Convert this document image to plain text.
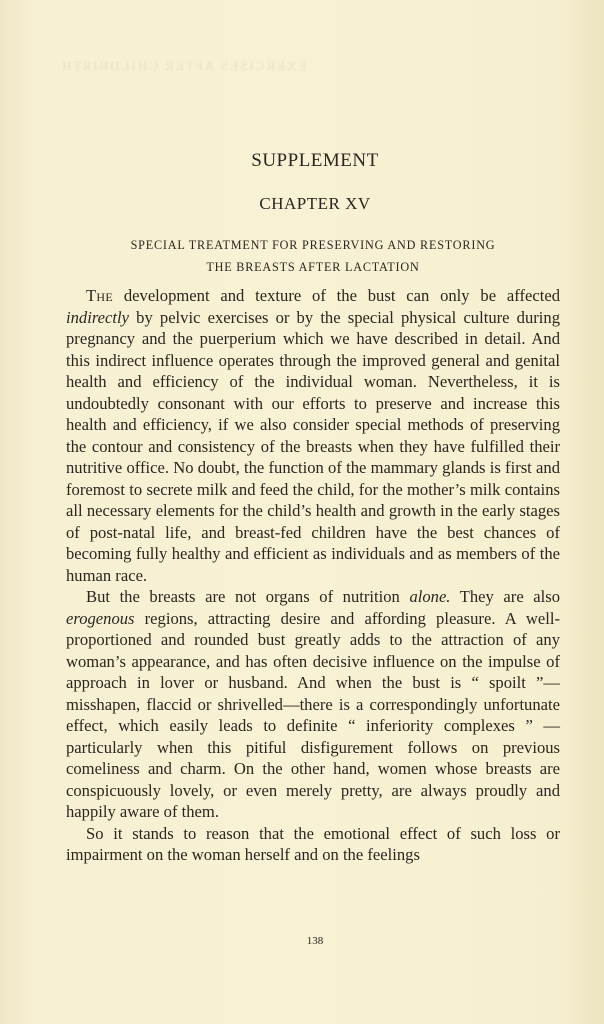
EXERCISES AFTER CHILDBIRTH
SUPPLEMENT
CHAPTER XV
SPECIAL TREATMENT FOR PRESERVING AND RESTORING
THE BREASTS AFTER LACTATION

The development and texture of the bust can only be affected indirectly by pelvic exercises or by the special physical culture during pregnancy and the puerperium which we have described in detail. And this indirect influence operates through the improved general and genital health and efficiency of the individual woman. Nevertheless, it is undoubtedly consonant with our efforts to preserve and increase this health and efficiency, if we also consider special methods of preserving the contour and consistency of the breasts when they have fulfilled their nutritive office. No doubt, the function of the mammary glands is first and foremost to secrete milk and feed the child, for the mother’s milk contains all necessary elements for the child’s health and growth in the early stages of post-natal life, and breast-fed children have the best chances of becoming fully healthy and efficient as individuals and as members of the human race.

But the breasts are not organs of nutrition alone. They are also erogenous regions, attracting desire and affording pleasure. A well-proportioned and rounded bust greatly adds to the attraction of any woman’s appearance, and has often decisive influence on the impulse of approach in lover or husband. And when the bust is “ spoilt ”—misshapen, flaccid or shrivelled—there is a correspondingly unfortunate effect, which easily leads to definite “ inferiority complexes ” —particularly when this pitiful disfigurement follows on previous comeliness and charm. On the other hand, women whose breasts are conspicuously lovely, or even merely pretty, are always proudly and happily aware of them.

So it stands to reason that the emotional effect of such loss or impairment on the woman herself and on the feelings

138
